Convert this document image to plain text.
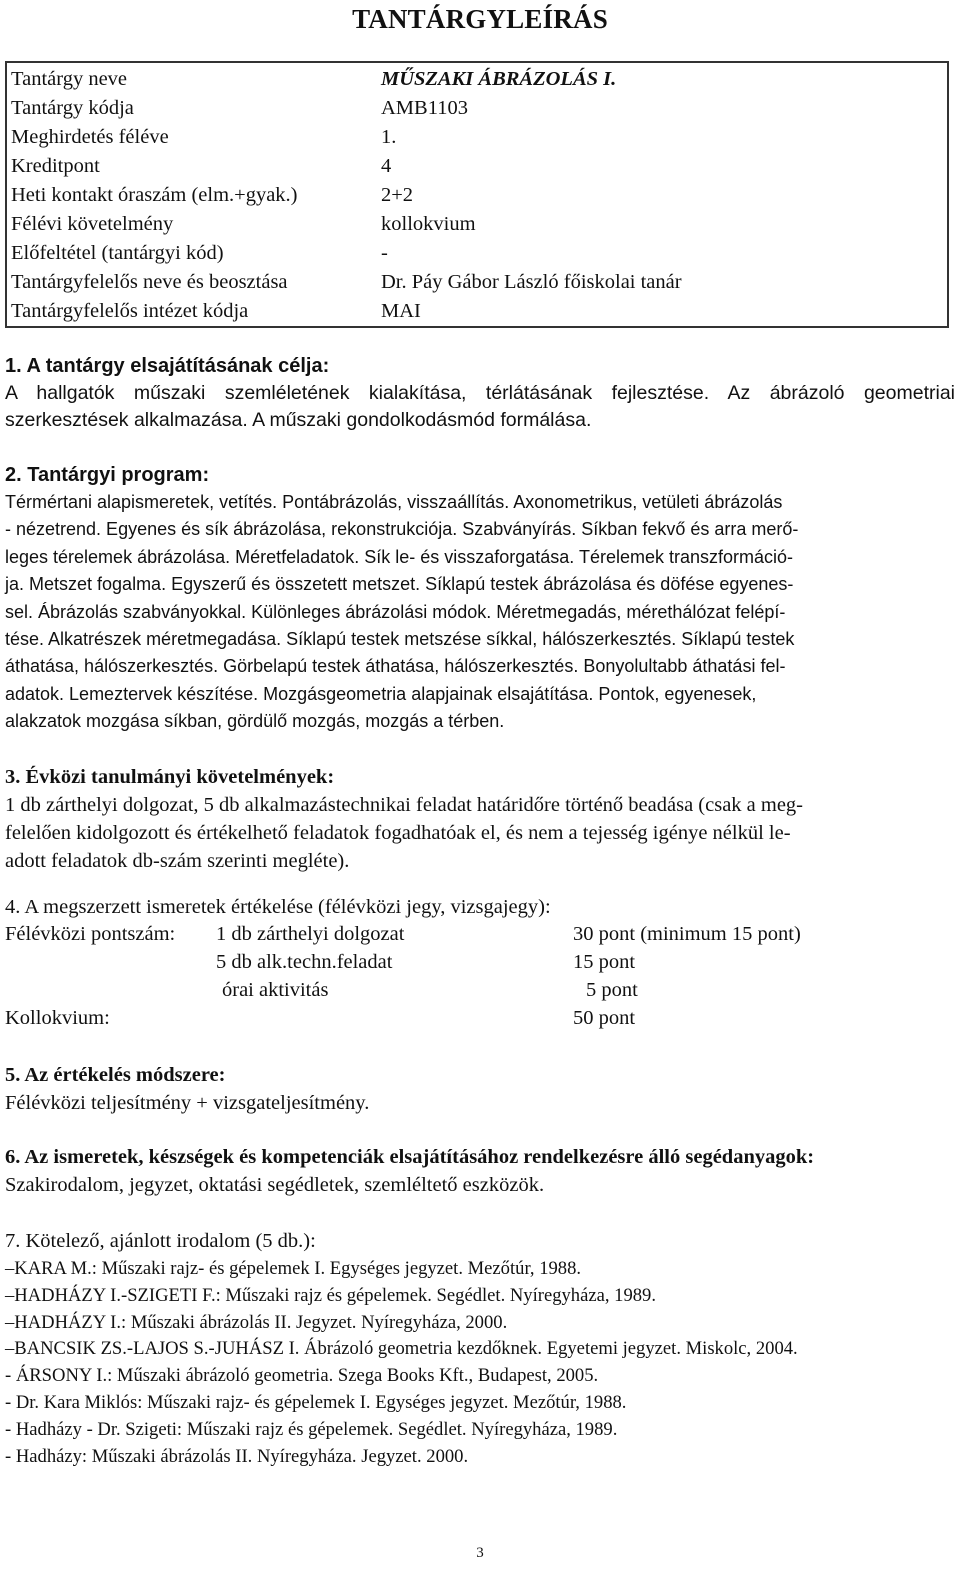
TANTÁRGYLEÍRÁS
Tantárgy neve	MŰSZAKI ÁBRÁZOLÁS I.
Tantárgy kódja	AMB1103
Meghirdetés féléve	1.
Kreditpont	4
Heti kontakt óraszám (elm.+gyak.)	2+2
Félévi követelmény	kollokvium
Előfeltétel (tantárgyi kód)	-
Tantárgyfelelős neve és beosztása	Dr. Páy Gábor László főiskolai tanár
Tantárgyfelelős intézet kódja	MAI
1. A tantárgy elsajátításának célja:
A hallgatók műszaki szemléletének kialakítása, térlátásának fejlesztése. Az ábrázoló geometriai szerkesztések alkalmazása. A műszaki gondolkodásmód formálása.
2. Tantárgyi program:
Térmértani alapismeretek, vetítés. Pontábrázolás, visszaállítás. Axonometrikus, vetületi ábrázolás
- nézetrend. Egyenes és sík ábrázolása, rekonstrukciója. Szabványírás. Síkban fekvő és arra merő-
leges térelemek ábrázolása. Méretfeladatok. Sík le- és visszaforgatása. Térelemek transzformáció-
ja. Metszet fogalma. Egyszerű és összetett metszet. Síklapú testek ábrázolása és döfése egyenes-
sel. Ábrázolás szabványokkal. Különleges ábrázolási módok. Méretmegadás, mérethálózat felépí-
tése. Alkatrészek méretmegadása. Síklapú testek metszése síkkal, hálószerkesztés. Síklapú testek
áthatása, hálószerkesztés. Görbelapú testek áthatása, hálószerkesztés. Bonyolultabb áthatási fel-
adatok. Lemeztervek készítése. Mozgásgeometria alapjainak elsajátítása. Pontok, egyenesek,
alakzatok mozgása síkban, gördülő mozgás, mozgás a térben.
3. Évközi tanulmányi követelmények:
1 db zárthelyi dolgozat, 5 db alkalmazástechnikai feladat határidőre történő beadása (csak a meg-
felelően kidolgozott és értékelhető feladatok fogadhatóak el, és nem a tejesség igénye nélkül le-
adott feladatok db-szám szerinti megléte).
4. A megszerzett ismeretek értékelése (félévközi jegy, vizsgajegy):
Félévközi pontszám: 1 db zárthelyi dolgozat	30 pont (minimum 15 pont)
5 db alk.techn.feladat	15 pont
órai aktivitás	5 pont
Kollokvium:	50 pont
5. Az értékelés módszere:
Félévközi teljesítmény + vizsgateljesítmény.
6. Az ismeretek, készségek és kompetenciák elsajátításához rendelkezésre álló segédanyagok:
Szakirodalom, jegyzet, oktatási segédletek, szemléltető eszközök.
7. Kötelező, ajánlott irodalom (5 db.):
–KARA M.: Műszaki rajz- és gépelemek I. Egységes jegyzet. Mezőtúr, 1988.
–HADHÁZY I.-SZIGETI F.: Műszaki rajz és gépelemek. Segédlet. Nyíregyháza, 1989.
–HADHÁZY I.: Műszaki ábrázolás II. Jegyzet. Nyíregyháza, 2000.
–BANCSIK ZS.-LAJOS S.-JUHÁSZ I. Ábrázoló geometria kezdőknek. Egyetemi jegyzet. Miskolc, 2004.
- ÁRSONY I.: Műszaki ábrázoló geometria. Szega Books Kft., Budapest, 2005.
- Dr. Kara Miklós: Műszaki rajz- és gépelemek I. Egységes jegyzet. Mezőtúr, 1988.
- Hadházy - Dr. Szigeti: Műszaki rajz és gépelemek. Segédlet. Nyíregyháza, 1989.
- Hadházy: Műszaki ábrázolás II. Nyíregyháza. Jegyzet. 2000.
3
